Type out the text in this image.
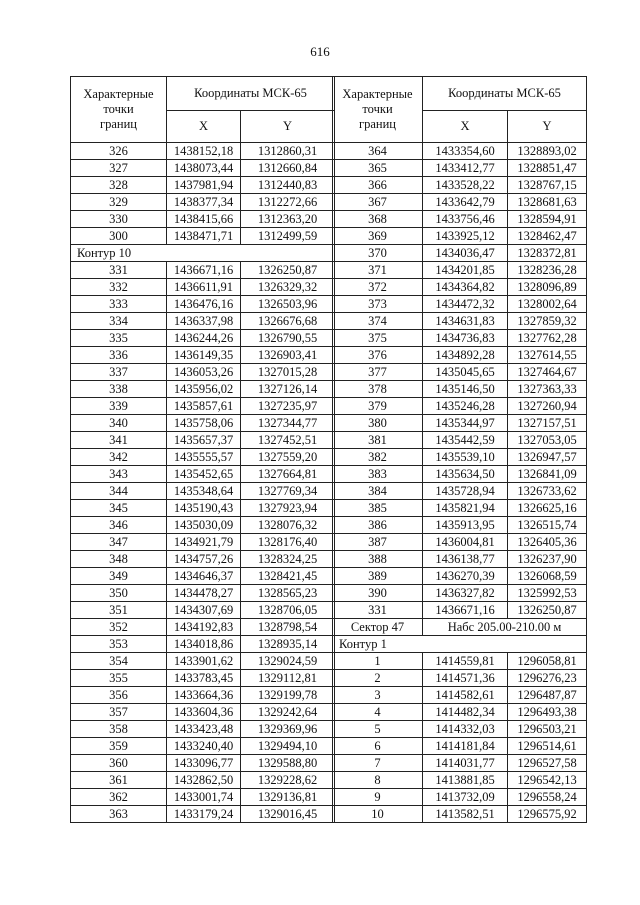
616
Характерные
точки
границ	Координаты МСК-65	
	X	Y
326	1438152,18	1312860,31
327	1438073,44	1312660,84
328	1437981,94	1312440,83
329	1438377,34	1312272,66
330	1438415,66	1312363,20
300	1438471,71	1312499,59
Контур 10		
331	1436671,16	1326250,87
332	1436611,91	1326329,32
333	1436476,16	1326503,96
334	1436337,98	1326676,68
335	1436244,26	1326790,55
336	1436149,35	1326903,41
337	1436053,26	1327015,28
338	1435956,02	1327126,14
339	1435857,61	1327235,97
340	1435758,06	1327344,77
341	1435657,37	1327452,51
342	1435555,57	1327559,20
343	1435452,65	1327664,81
344	1435348,64	1327769,34
345	1435190,43	1327923,94
346	1435030,09	1328076,32
347	1434921,79	1328176,40
348	1434757,26	1328324,25
349	1434646,37	1328421,45
350	1434478,27	1328565,23
351	1434307,69	1328706,05
352	1434192,83	1328798,54
353	1434018,86	1328935,14
354	1433901,62	1329024,59
355	1433783,45	1329112,81
356	1433664,36	1329199,78
357	1433604,36	1329242,64
358	1433423,48	1329369,96
359	1433240,40	1329494,10
360	1433096,77	1329588,80
361	1432862,50	1329228,62
362	1433001,74	1329136,81
363	1433179,24	1329016,45
Характерные
точки
границ	Координаты МСК-65	
	X	Y
364	1433354,60	1328893,02
365	1433412,77	1328851,47
366	1433528,22	1328767,15
367	1433642,79	1328681,63
368	1433756,46	1328594,91
369	1433925,12	1328462,47
370	1434036,47	1328372,81
371	1434201,85	1328236,28
372	1434364,82	1328096,89
373	1434472,32	1328002,64
374	1434631,83	1327859,32
375	1434736,83	1327762,28
376	1434892,28	1327614,55
377	1435045,65	1327464,67
378	1435146,50	1327363,33
379	1435246,28	1327260,94
380	1435344,97	1327157,51
381	1435442,59	1327053,05
382	1435539,10	1326947,57
383	1435634,50	1326841,09
384	1435728,94	1326733,62
385	1435821,94	1326625,16
386	1435913,95	1326515,74
387	1436004,81	1326405,36
388	1436138,77	1326237,90
389	1436270,39	1326068,59
390	1436327,82	1325992,53
331	1436671,16	1326250,87
Сектор 47	Набс 205.00-210.00 м	
Контур 1		
1	1414559,81	1296058,81
2	1414571,36	1296276,23
3	1414582,61	1296487,87
4	1414482,34	1296493,38
5	1414332,03	1296503,21
6	1414181,84	1296514,61
7	1414031,77	1296527,58
8	1413881,85	1296542,13
9	1413732,09	1296558,24
10	1413582,51	1296575,92
